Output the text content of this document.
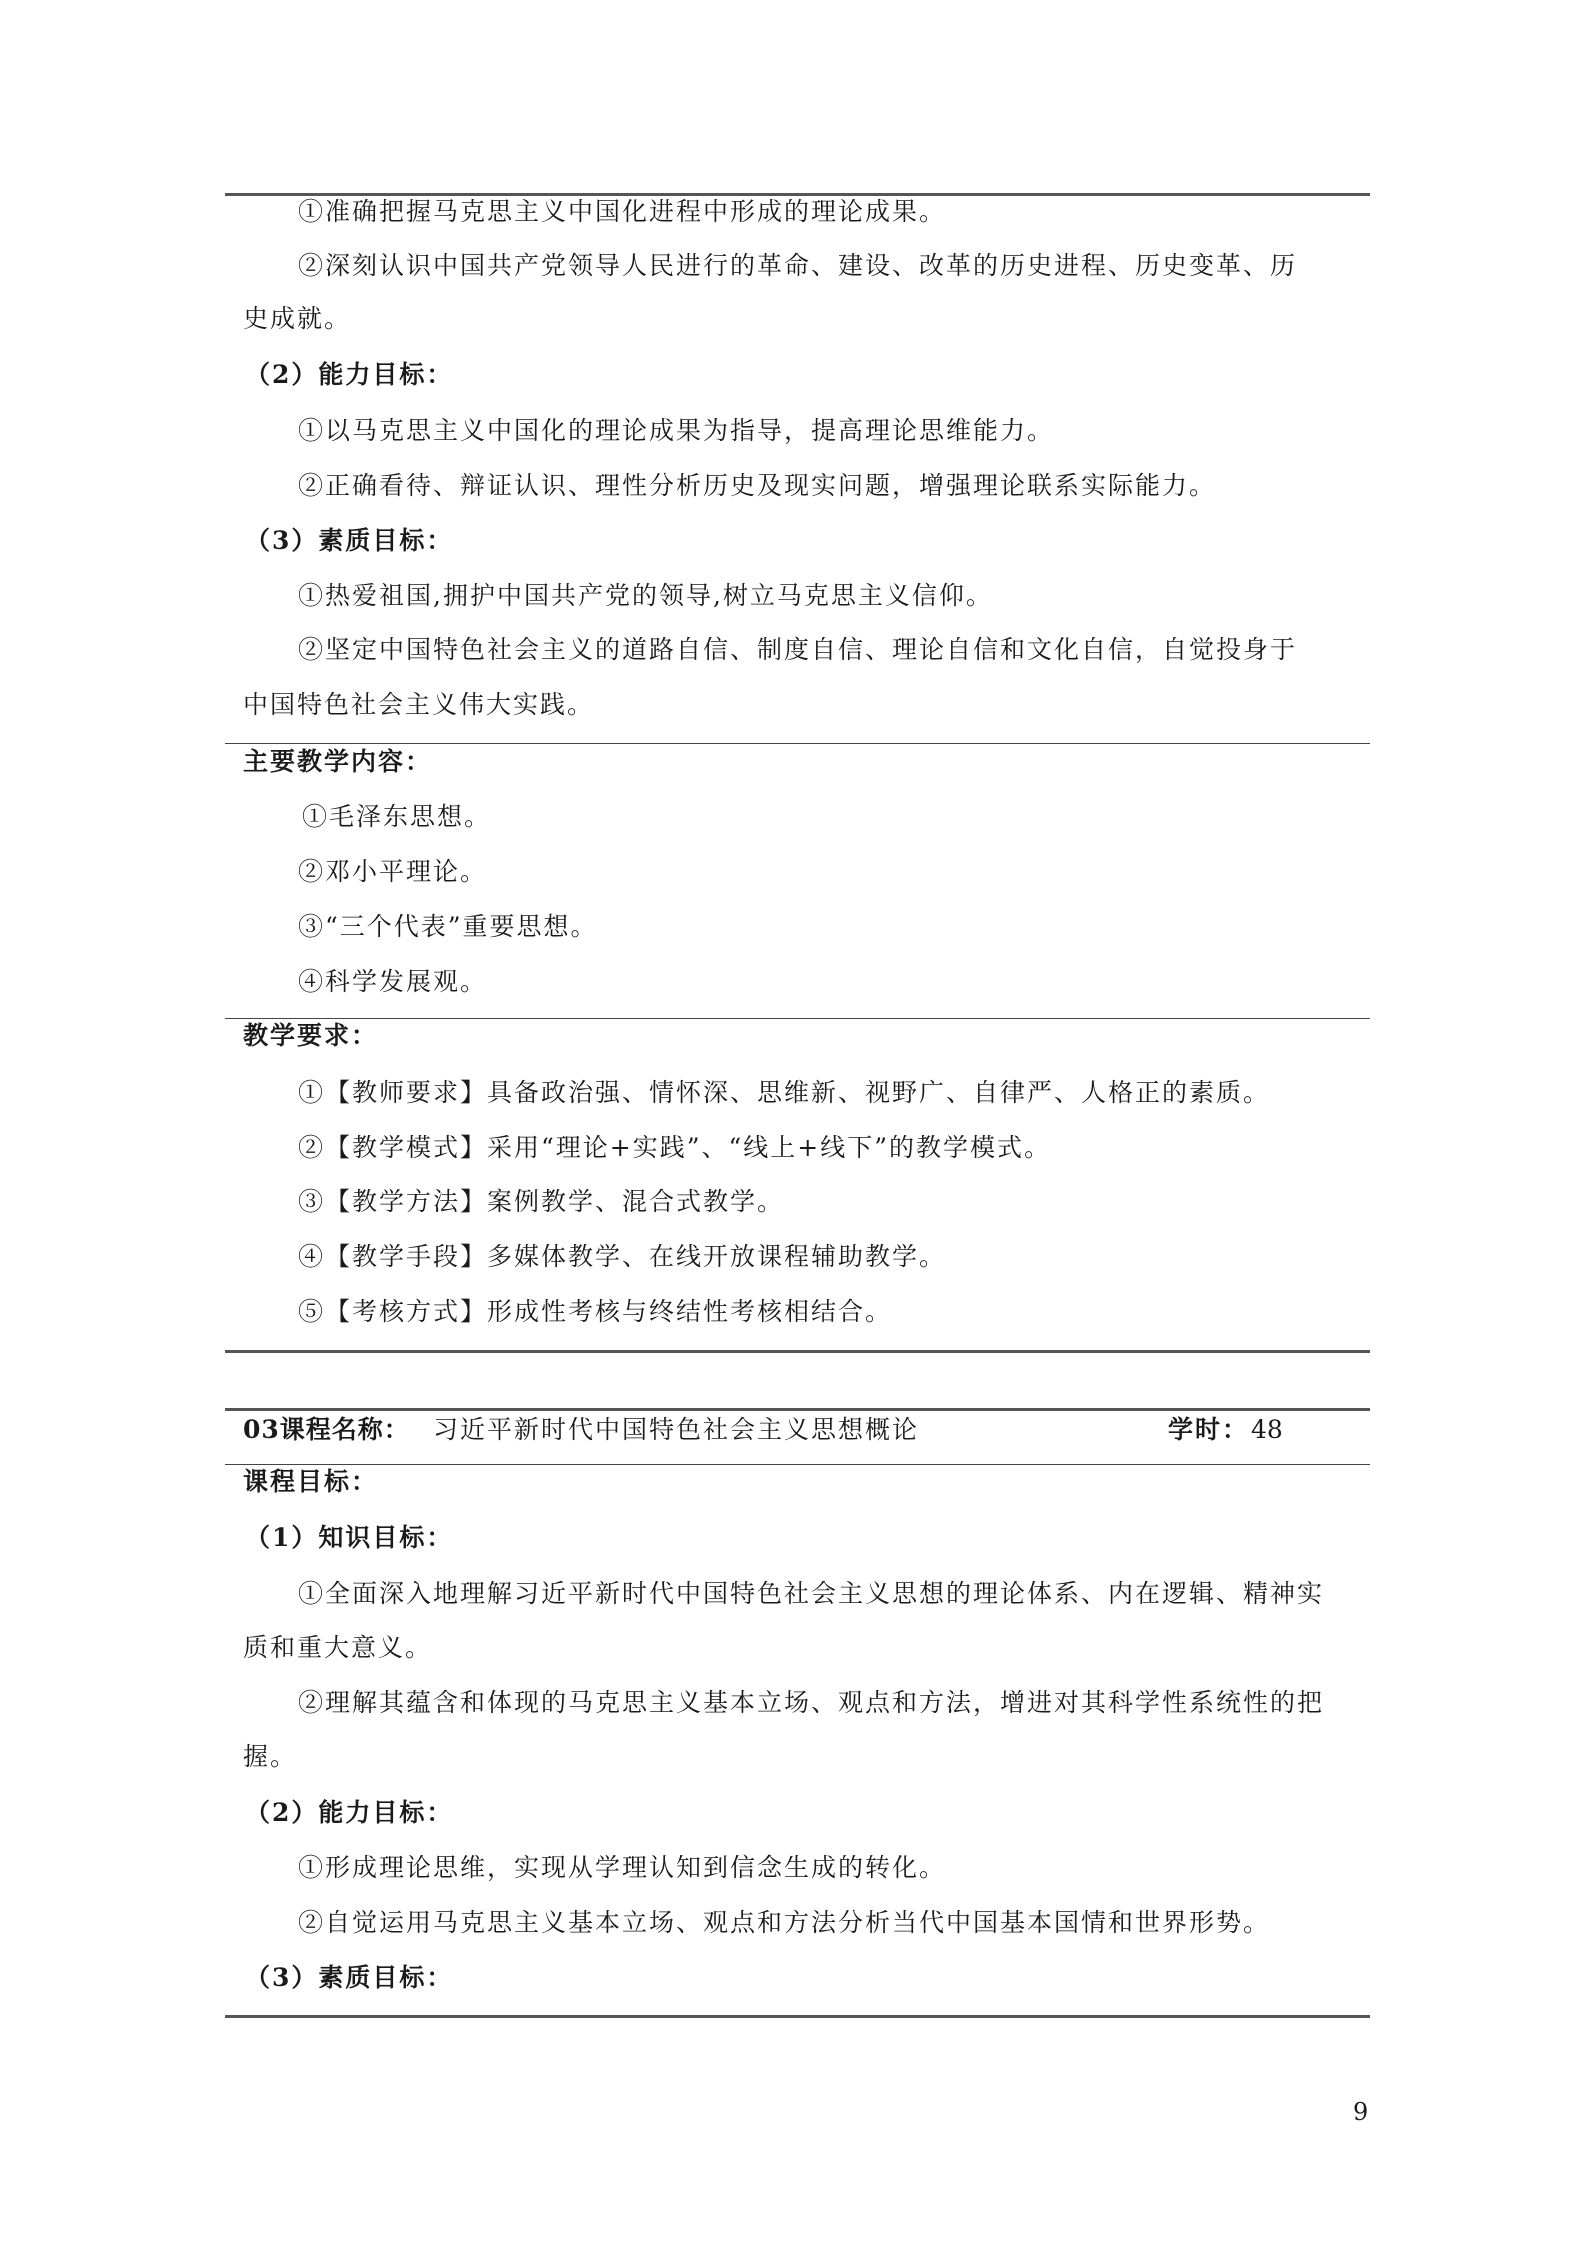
①准确把握马克思主义中国化进程中形成的理论成果。
②深刻认识中国共产党领导人民进行的革命、建设、改革的历史进程、历史变革、历
史成就。
（2）能力目标：
①以马克思主义中国化的理论成果为指导，提高理论思维能力。
②正确看待、辩证认识、理性分析历史及现实问题，增强理论联系实际能力。
（3）素质目标：
①热爱祖国,拥护中国共产党的领导,树立马克思主义信仰。
②坚定中国特色社会主义的道路自信、制度自信、理论自信和文化自信，自觉投身于
中国特色社会主义伟大实践。
主要教学内容：
①毛泽东思想。
②邓小平理论。
③“三个代表”重要思想。
④科学发展观。
教学要求：
①【教师要求】具备政治强、情怀深、思维新、视野广、自律严、人格正的素质。
②【教学模式】采用“理论+实践”、“线上+线下”的教学模式。
③【教学方法】案例教学、混合式教学。
④【教学手段】多媒体教学、在线开放课程辅助教学。
⑤【考核方式】形成性考核与终结性考核相结合。
03课程名称： 习近平新时代中国特色社会主义思想概论	学时： 48
课程目标：
（1）知识目标：
①全面深入地理解习近平新时代中国特色社会主义思想的理论体系、内在逻辑、精神实
质和重大意义。
②理解其蕴含和体现的马克思主义基本立场、观点和方法，增进对其科学性系统性的把
握。
（2）能力目标：
①形成理论思维，实现从学理认知到信念生成的转化。
②自觉运用马克思主义基本立场、观点和方法分析当代中国基本国情和世界形势。
（3）素质目标：
9
